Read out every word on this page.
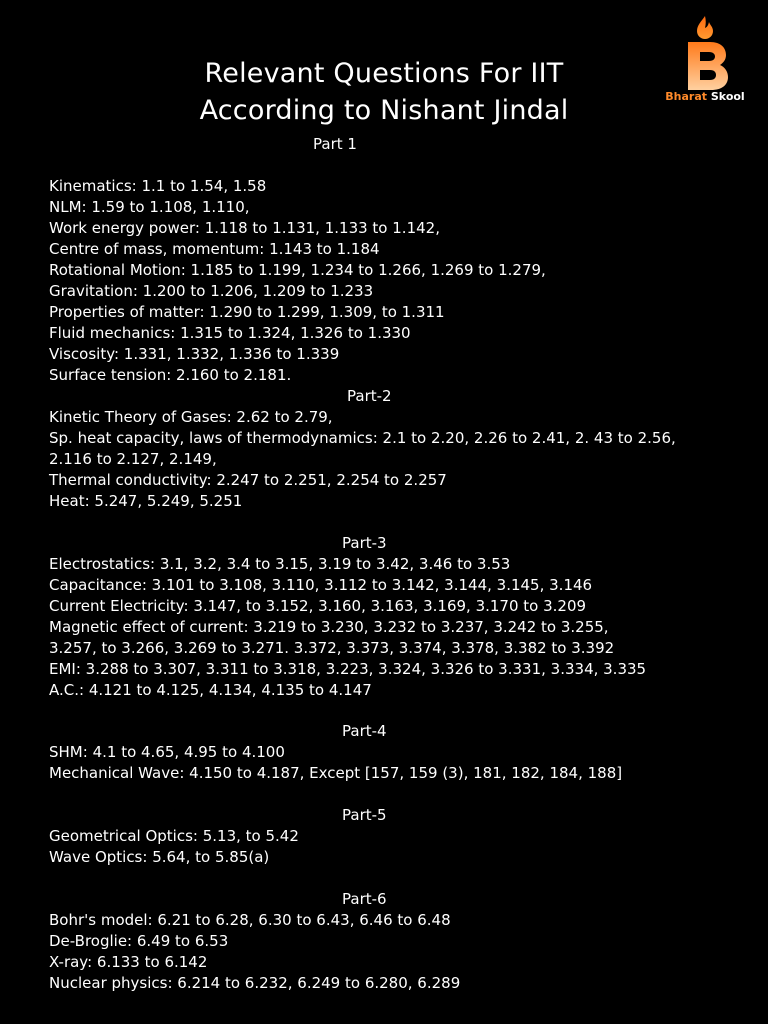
Relevant Questions For IIT
According to Nishant Jindal	Bharat Skool
Part 1
Kinematics: 1.1 to 1.54, 1.58
NLM: 1.59 to 1.108, 1.110,
Work energy power: 1.118 to 1.131, 1.133 to 1.142,
Centre of mass, momentum: 1.143 to 1.184
Rotational Motion: 1.185 to 1.199, 1.234 to 1.266, 1.269 to 1.279,
Gravitation: 1.200 to 1.206, 1.209 to 1.233
Properties of matter: 1.290 to 1.299, 1.309, to 1.311
Fluid mechanics: 1.315 to 1.324, 1.326 to 1.330
Viscosity: 1.331, 1.332, 1.336 to 1.339
Surface tension: 2.160 to 2.181.
Part-2
Kinetic Theory of Gases: 2.62 to 2.79,
Sp. heat capacity, laws of thermodynamics: 2.1 to 2.20, 2.26 to 2.41, 2. 43 to 2.56,
2.116 to 2.127, 2.149,
Thermal conductivity: 2.247 to 2.251, 2.254 to 2.257
Heat: 5.247, 5.249, 5.251
Part-3
Electrostatics: 3.1, 3.2, 3.4 to 3.15, 3.19 to 3.42, 3.46 to 3.53
Capacitance: 3.101 to 3.108, 3.110, 3.112 to 3.142, 3.144, 3.145, 3.146
Current Electricity: 3.147, to 3.152, 3.160, 3.163, 3.169, 3.170 to 3.209
Magnetic effect of current: 3.219 to 3.230, 3.232 to 3.237, 3.242 to 3.255,
3.257, to 3.266, 3.269 to 3.271. 3.372, 3.373, 3.374, 3.378, 3.382 to 3.392
EMI: 3.288 to 3.307, 3.311 to 3.318, 3.223, 3.324, 3.326 to 3.331, 3.334, 3.335
A.C.: 4.121 to 4.125, 4.134, 4.135 to 4.147
Part-4
SHM: 4.1 to 4.65, 4.95 to 4.100
Mechanical Wave: 4.150 to 4.187, Except [157, 159 (3), 181, 182, 184, 188]
Part-5
Geometrical Optics: 5.13, to 5.42
Wave Optics: 5.64, to 5.85(a)
Part-6
Bohr's model: 6.21 to 6.28, 6.30 to 6.43, 6.46 to 6.48
De-Broglie: 6.49 to 6.53
X-ray: 6.133 to 6.142
Nuclear physics: 6.214 to 6.232, 6.249 to 6.280, 6.289
